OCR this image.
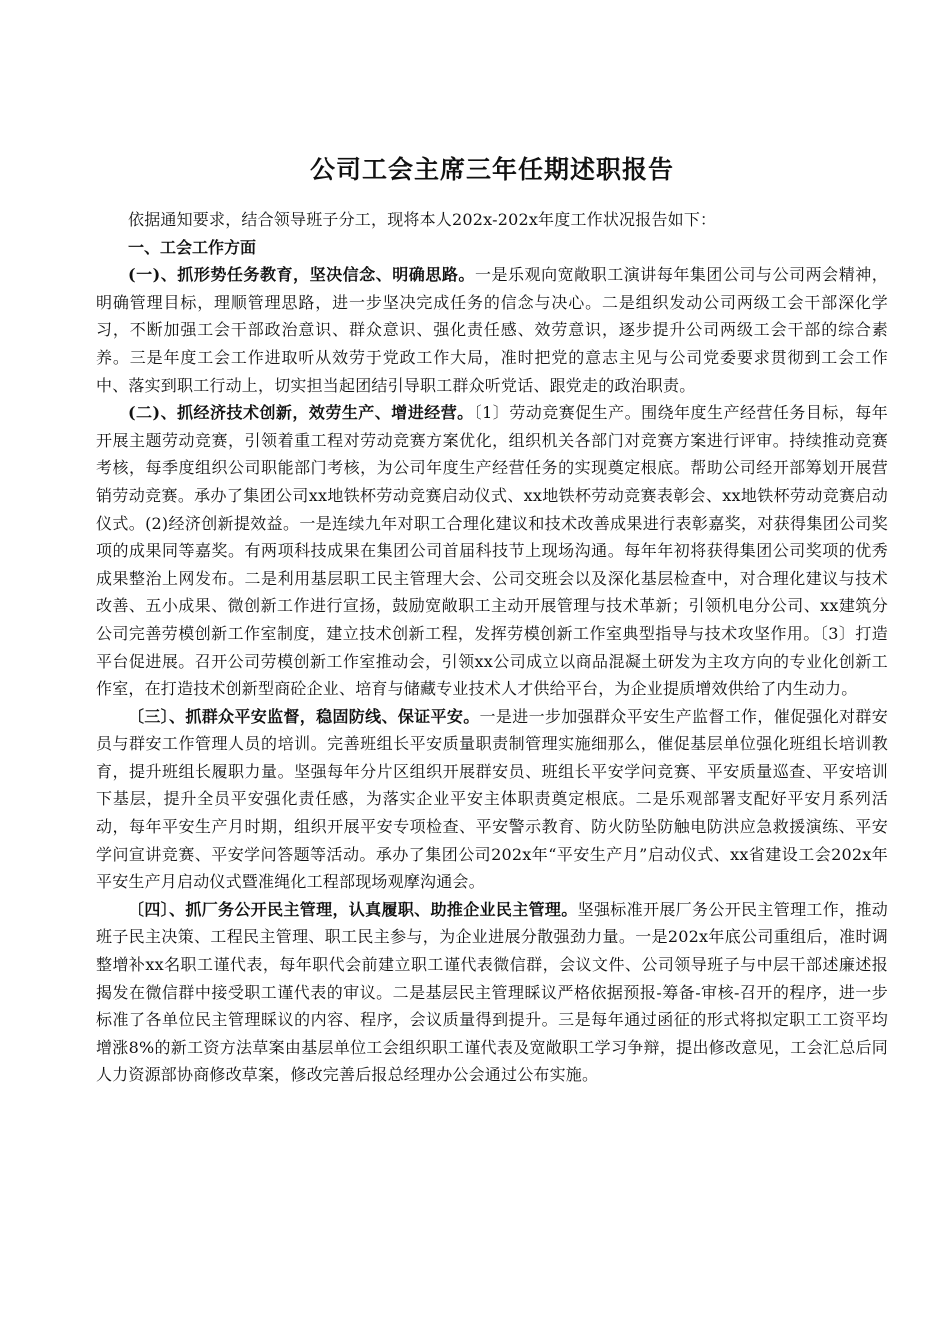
公司工会主席三年任期述职报告

依据通知要求，结合领导班子分工，现将本人202x-202x年度工作状况报告如下：

一、工会工作方面

(一)、抓形势任务教育，坚决信念、明确思路。一是乐观向宽敞职工演讲每年集团公司与公司两会精神，明确管理目标，理顺管理思路，进一步坚决完成任务的信念与决心。二是组织发动公司两级工会干部深化学习，不断加强工会干部政治意识、群众意识、强化责任感、效劳意识，逐步提升公司两级工会干部的综合素养。三是年度工会工作进取听从效劳于党政工作大局，准时把党的意志主见与公司党委要求贯彻到工会工作中、落实到职工行动上，切实担当起团结引导职工群众听党话、跟党走的政治职责。

(二)、抓经济技术创新，效劳生产、增进经营。〔1〕劳动竞赛促生产。围绕年度生产经营任务目标，每年开展主题劳动竞赛，引领着重工程对劳动竞赛方案优化，组织机关各部门对竞赛方案进行评审。持续推动竞赛考核，每季度组织公司职能部门考核，为公司年度生产经营任务的实现奠定根底。帮助公司经开部筹划开展营销劳动竞赛。承办了集团公司xx地铁杯劳动竞赛启动仪式、xx地铁杯劳动竞赛表彰会、xx地铁杯劳动竞赛启动仪式。(2)经济创新提效益。一是连续九年对职工合理化建议和技术改善成果进行表彰嘉奖，对获得集团公司奖项的成果同等嘉奖。有两项科技成果在集团公司首届科技节上现场沟通。每年年初将获得集团公司奖项的优秀成果整治上网发布。二是利用基层职工民主管理大会、公司交班会以及深化基层检查中，对合理化建议与技术改善、五小成果、微创新工作进行宣扬，鼓励宽敞职工主动开展管理与技术革新；引领机电分公司、xx建筑分公司完善劳模创新工作室制度，建立技术创新工程，发挥劳模创新工作室典型指导与技术攻坚作用。〔3〕打造平台促进展。召开公司劳模创新工作室推动会，引领xx公司成立以商品混凝土研发为主攻方向的专业化创新工作室，在打造技术创新型商砼企业、培育与储藏专业技术人才供给平台，为企业提质增效供给了内生动力。

〔三〕、抓群众平安监督，稳固防线、保证平安。一是进一步加强群众平安生产监督工作，催促强化对群安员与群安工作管理人员的培训。完善班组长平安质量职责制管理实施细那么，催促基层单位强化班组长培训教育，提升班组长履职力量。坚强每年分片区组织开展群安员、班组长平安学问竞赛、平安质量巡查、平安培训下基层，提升全员平安强化责任感，为落实企业平安主体职责奠定根底。二是乐观部署支配好平安月系列活动，每年平安生产月时期，组织开展平安专项检查、平安警示教育、防火防坠防触电防洪应急救援演练、平安学问宣讲竞赛、平安学问答题等活动。承办了集团公司202x年“平安生产月”启动仪式、xx省建设工会202x年平安生产月启动仪式暨准绳化工程部现场观摩沟通会。

〔四〕、抓厂务公开民主管理，认真履职、助推企业民主管理。坚强标准开展厂务公开民主管理工作，推动班子民主决策、工程民主管理、职工民主参与，为企业进展分散强劲力量。一是202x年底公司重组后，准时调整增补xx名职工谨代表，每年职代会前建立职工谨代表微信群，会议文件、公司领导班子与中层干部述廉述报揭发在微信群中接受职工谨代表的审议。二是基层民主管理睬议严格依据预报-筹备-审核-召开的程序，进一步标准了各单位民主管理睬议的内容、程序，会议质量得到提升。三是每年通过函征的形式将拟定职工工资平均增涨8%的新工资方法草案由基层单位工会组织职工谨代表及宽敞职工学习争辩，提出修改意见，工会汇总后同人力资源部协商修改草案，修改完善后报总经理办公会通过公布实施。
